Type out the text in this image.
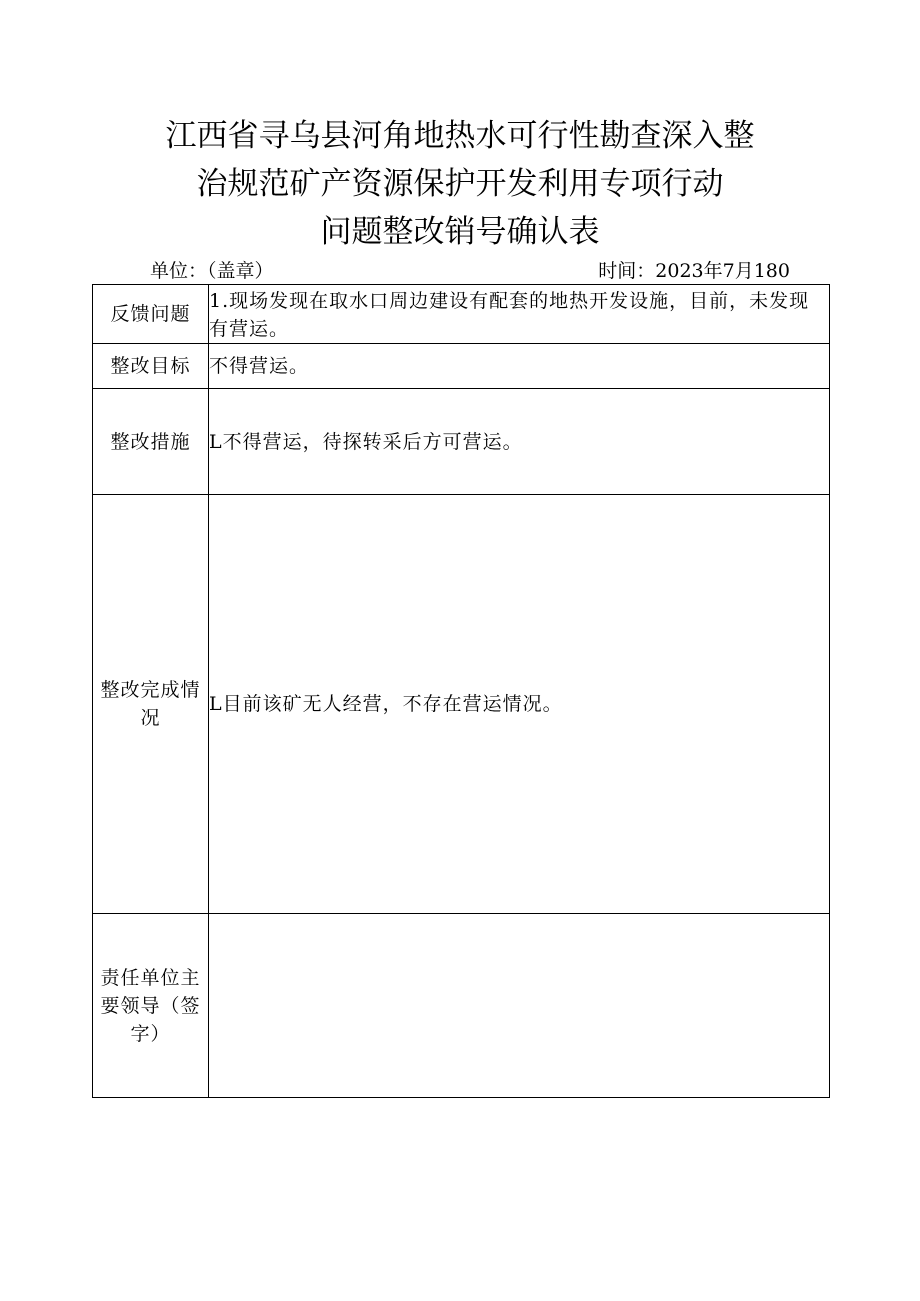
江西省寻乌县河角地热水可行性勘查深入整
治规范矿产资源保护开发利用专项行动
问题整改销号确认表
单位：（盖章）	时间：2023年7月180
反馈问题	1.现场发现在取水口周边建设有配套的地热开发设施，目前，未发现有营运。
整改目标	不得营运。
整改措施	L不得营运，待探转采后方可营运。
整改完成情况	L目前该矿无人经营，不存在营运情况。
责任单位主要领导（签字）	
